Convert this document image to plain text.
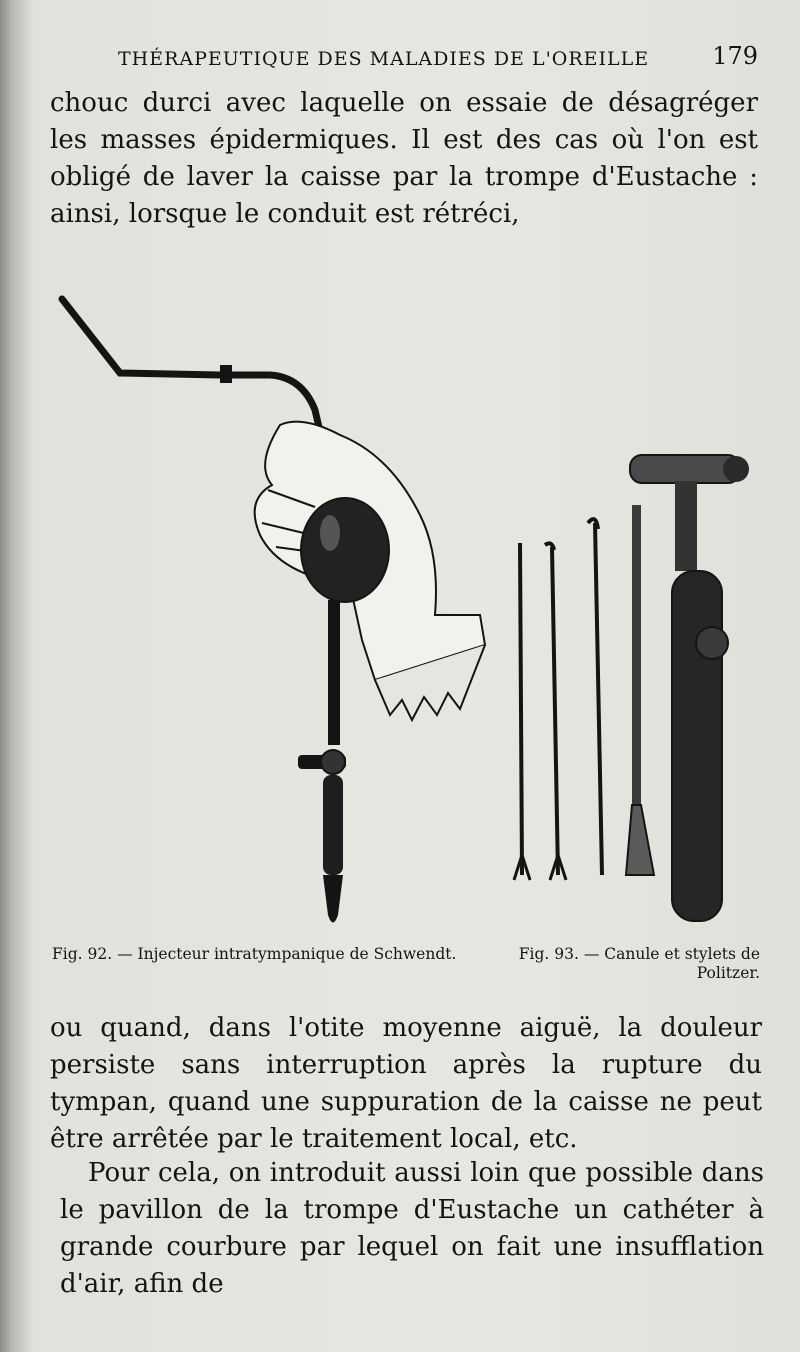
THÉRAPEUTIQUE DES MALADIES DE L'OREILLE	179

chouc durci avec laquelle on essaie de désagréger les masses épidermiques. Il est des cas où l'on est obligé de laver la caisse par la trompe d'Eustache : ainsi, lorsque le conduit est rétréci,

Fig. 92. — Injecteur intratympanique de Schwendt.	Fig. 93. — Canule et stylets de Politzer.

ou quand, dans l'otite moyenne aiguë, la douleur persiste sans interruption après la rupture du tympan, quand une suppuration de la caisse ne peut être arrêtée par le traitement local, etc.

Pour cela, on introduit aussi loin que possible dans le pavillon de la trompe d'Eustache un cathéter à grande courbure par lequel on fait une insufflation d'air, afin de
